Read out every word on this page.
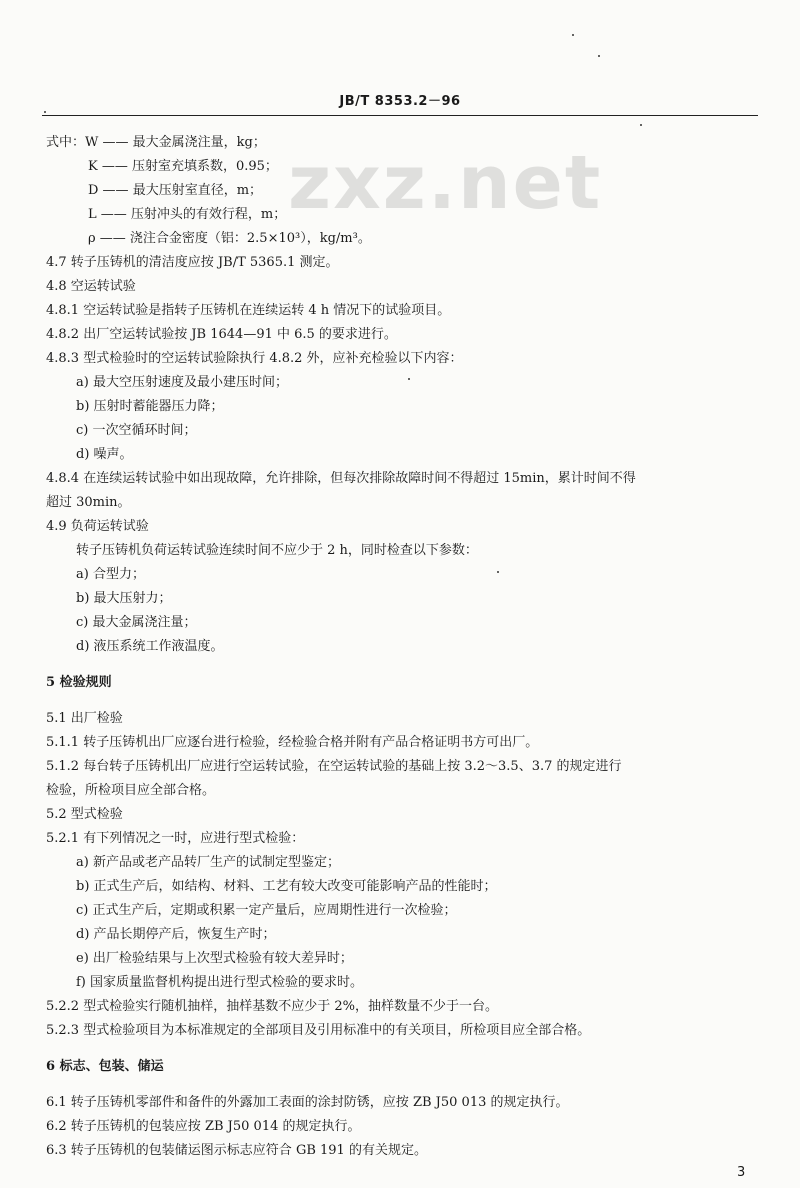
JB/T 8353.2－96
zxz.net
式中：W —— 最大金属浇注量，kg；
K —— 压射室充填系数，0.95；
D —— 最大压射室直径，m；
L —— 压射冲头的有效行程，m；
ρ —— 浇注合金密度（铝：2.5×10³），kg/m³。
4.7 转子压铸机的清洁度应按 JB/T 5365.1 测定。
4.8 空运转试验
4.8.1 空运转试验是指转子压铸机在连续运转 4 h 情况下的试验项目。
4.8.2 出厂空运转试验按 JB 1644—91 中 6.5 的要求进行。
4.8.3 型式检验时的空运转试验除执行 4.8.2 外，应补充检验以下内容：
a) 最大空压射速度及最小建压时间；
b) 压射时蓄能器压力降；
c) 一次空循环时间；
d) 噪声。
4.8.4 在连续运转试验中如出现故障，允许排除，但每次排除故障时间不得超过 15min，累计时间不得
超过 30min。
4.9 负荷运转试验
转子压铸机负荷运转试验连续时间不应少于 2 h，同时检查以下参数：
a) 合型力；
b) 最大压射力；
c) 最大金属浇注量；
d) 液压系统工作液温度。
5 检验规则
5.1 出厂检验
5.1.1 转子压铸机出厂应逐台进行检验，经检验合格并附有产品合格证明书方可出厂。
5.1.2 每台转子压铸机出厂应进行空运转试验，在空运转试验的基础上按 3.2～3.5、3.7 的规定进行
检验，所检项目应全部合格。
5.2 型式检验
5.2.1 有下列情况之一时，应进行型式检验：
a) 新产品或老产品转厂生产的试制定型鉴定；
b) 正式生产后，如结构、材料、工艺有较大改变可能影响产品的性能时；
c) 正式生产后，定期或积累一定产量后，应周期性进行一次检验；
d) 产品长期停产后，恢复生产时；
e) 出厂检验结果与上次型式检验有较大差异时；
f) 国家质量监督机构提出进行型式检验的要求时。
5.2.2 型式检验实行随机抽样，抽样基数不应少于 2%，抽样数量不少于一台。
5.2.3 型式检验项目为本标准规定的全部项目及引用标准中的有关项目，所检项目应全部合格。
6 标志、包装、储运
6.1 转子压铸机零部件和备件的外露加工表面的涂封防锈，应按 ZB J50 013 的规定执行。
6.2 转子压铸机的包装应按 ZB J50 014 的规定执行。
6.3 转子压铸机的包装储运图示标志应符合 GB 191 的有关规定。
3
